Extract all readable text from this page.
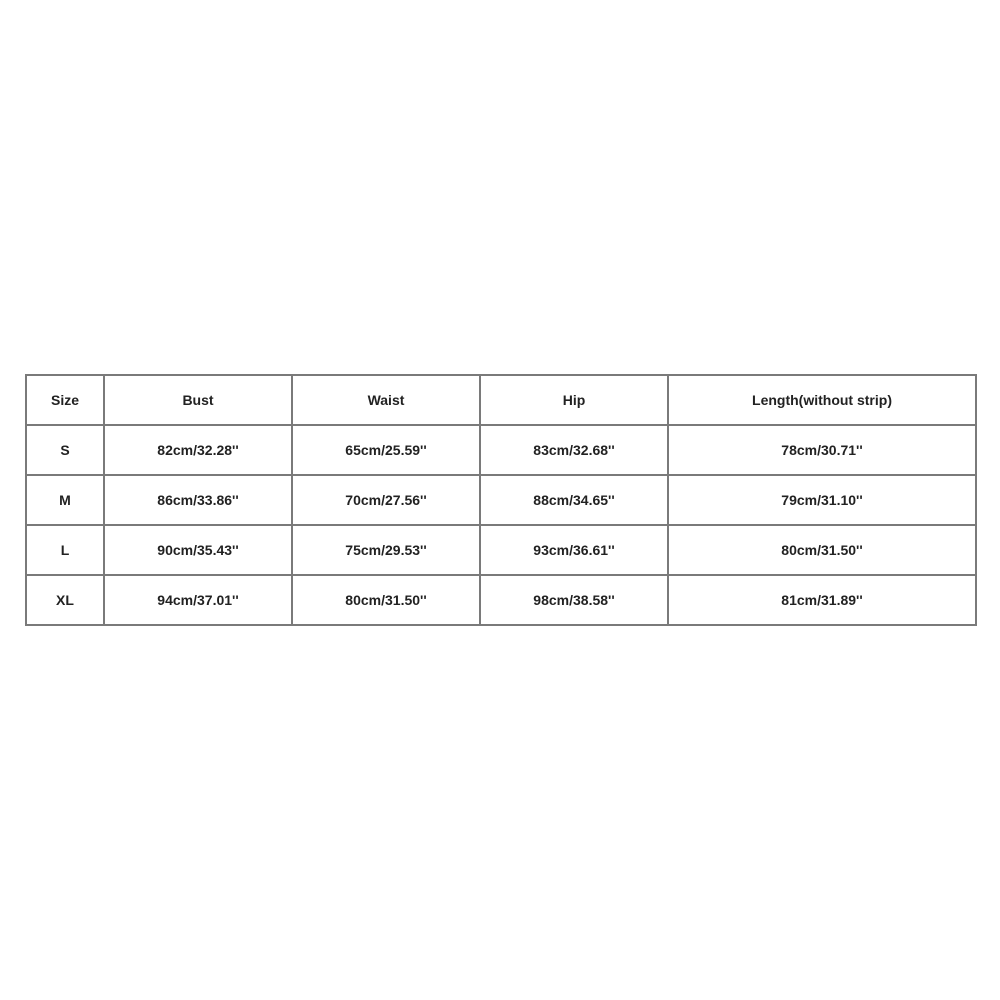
Size	Bust	Waist	Hip	Length(without strip)
S	82cm/32.28''	65cm/25.59''	83cm/32.68''	78cm/30.71''
M	86cm/33.86''	70cm/27.56''	88cm/34.65''	79cm/31.10''
L	90cm/35.43''	75cm/29.53''	93cm/36.61''	80cm/31.50''
XL	94cm/37.01''	80cm/31.50''	98cm/38.58''	81cm/31.89''
